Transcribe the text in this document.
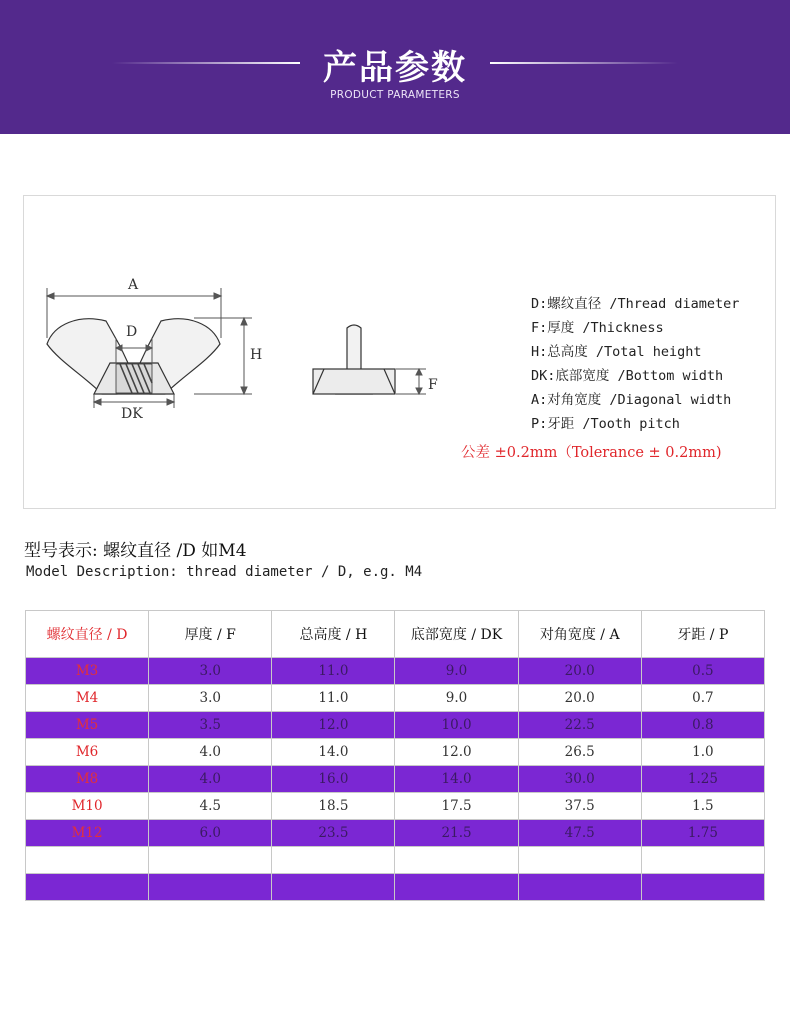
产品参数
PRODUCT PARAMETERS
A
D
H
DK
F
D:螺纹直径 /Thread diameter
F:厚度 /Thickness
H:总高度 /Total height
DK:底部宽度 /Bottom width
A:对角宽度 /Diagonal width
P:牙距 /Tooth pitch
公差 ±0.2mm（Tolerance ± 0.2mm)
型号表示: 螺纹直径 /D 如M4
Model Description: thread diameter / D, e.g. M4
螺纹直径 / D	厚度 / F	总高度 / H	底部宽度 / DK	对角宽度 / A	牙距 / P
M3	3.0	11.0	9.0	20.0	0.5
M4	3.0	11.0	9.0	20.0	0.7
M5	3.5	12.0	10.0	22.5	0.8
M6	4.0	14.0	12.0	26.5	1.0
M8	4.0	16.0	14.0	30.0	1.25
M10	4.5	18.5	17.5	37.5	1.5
M12	6.0	23.5	21.5	47.5	1.75
